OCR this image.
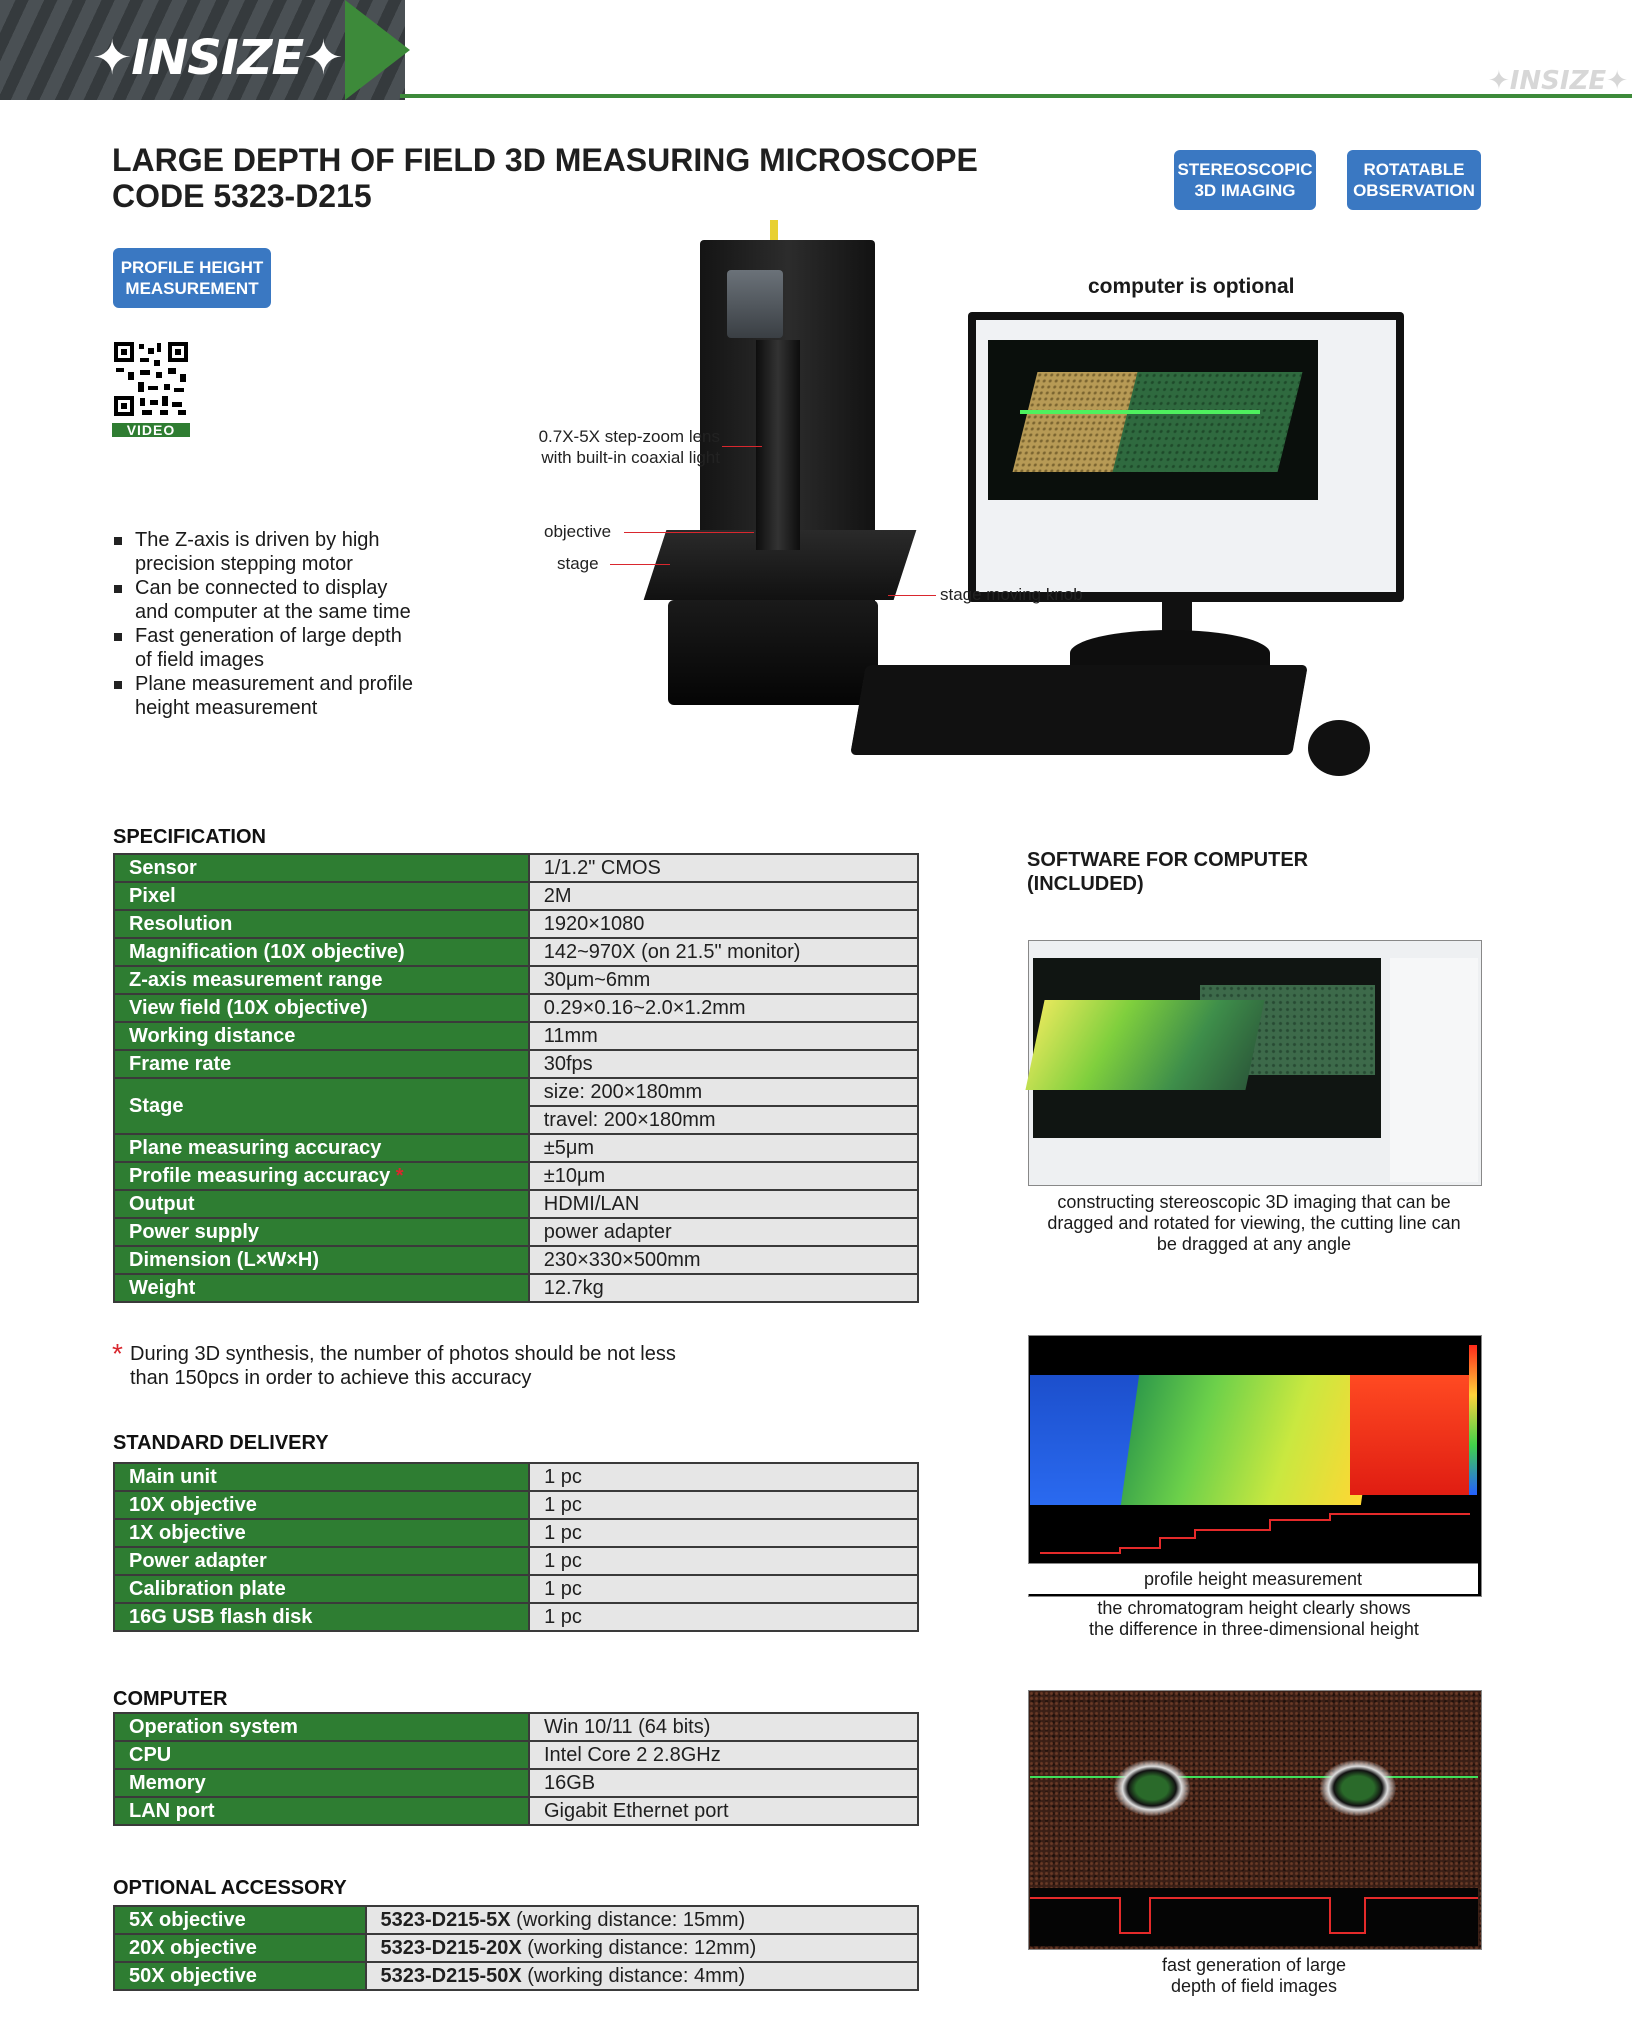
✦INSIZE✦	✦INSIZE✦
LARGE DEPTH OF FIELD 3D MEASURING MICROSCOPE
CODE 5323-D215
STEREOSCOPIC
3D IMAGING
ROTATABLE
OBSERVATION
PROFILE HEIGHT
MEASUREMENT
VIDEO
The Z-axis is driven by high
precision stepping motor
Can be connected to display
and computer at the same time
Fast generation of large depth
of field images
Plane measurement and profile
height measurement
computer is optional
0.7X-5X step-zoom lens
with built-in coaxial light
objective
stage
stage moving knob
SPECIFICATION
Sensor	1/1.2" CMOS
Pixel	2M
Resolution	1920×1080
Magnification (10X objective)	142~970X (on 21.5" monitor)
Z-axis measurement range	30μm~6mm
View field (10X objective)	0.29×0.16~2.0×1.2mm
Working distance	11mm
Frame rate	30fps
Stage	size: 200×180mm
	travel: 200×180mm
Plane measuring accuracy	±5μm
Profile measuring accuracy *	±10μm
Output	HDMI/LAN
Power supply	power adapter
Dimension (L×W×H)	230×330×500mm
Weight	12.7kg
* During 3D synthesis, the number of photos should be not less
than 150pcs in order to achieve this accuracy
STANDARD DELIVERY
Main unit	1 pc
10X objective	1 pc
1X objective	1 pc
Power adapter	1 pc
Calibration plate	1 pc
16G USB flash disk	1 pc
COMPUTER
Operation system	Win 10/11 (64 bits)
CPU	Intel Core 2 2.8GHz
Memory	16GB
LAN port	Gigabit Ethernet port
OPTIONAL ACCESSORY
5X objective	5323-D215-5X (working distance: 15mm)
20X objective	5323-D215-20X (working distance: 12mm)
50X objective	5323-D215-50X (working distance: 4mm)
SOFTWARE FOR COMPUTER
(INCLUDED)
constructing stereoscopic 3D imaging that can be
dragged and rotated for viewing, the cutting line can
be dragged at any angle
profile height measurement
the chromatogram height clearly shows
the difference in three-dimensional height
fast generation of large
depth of field images
